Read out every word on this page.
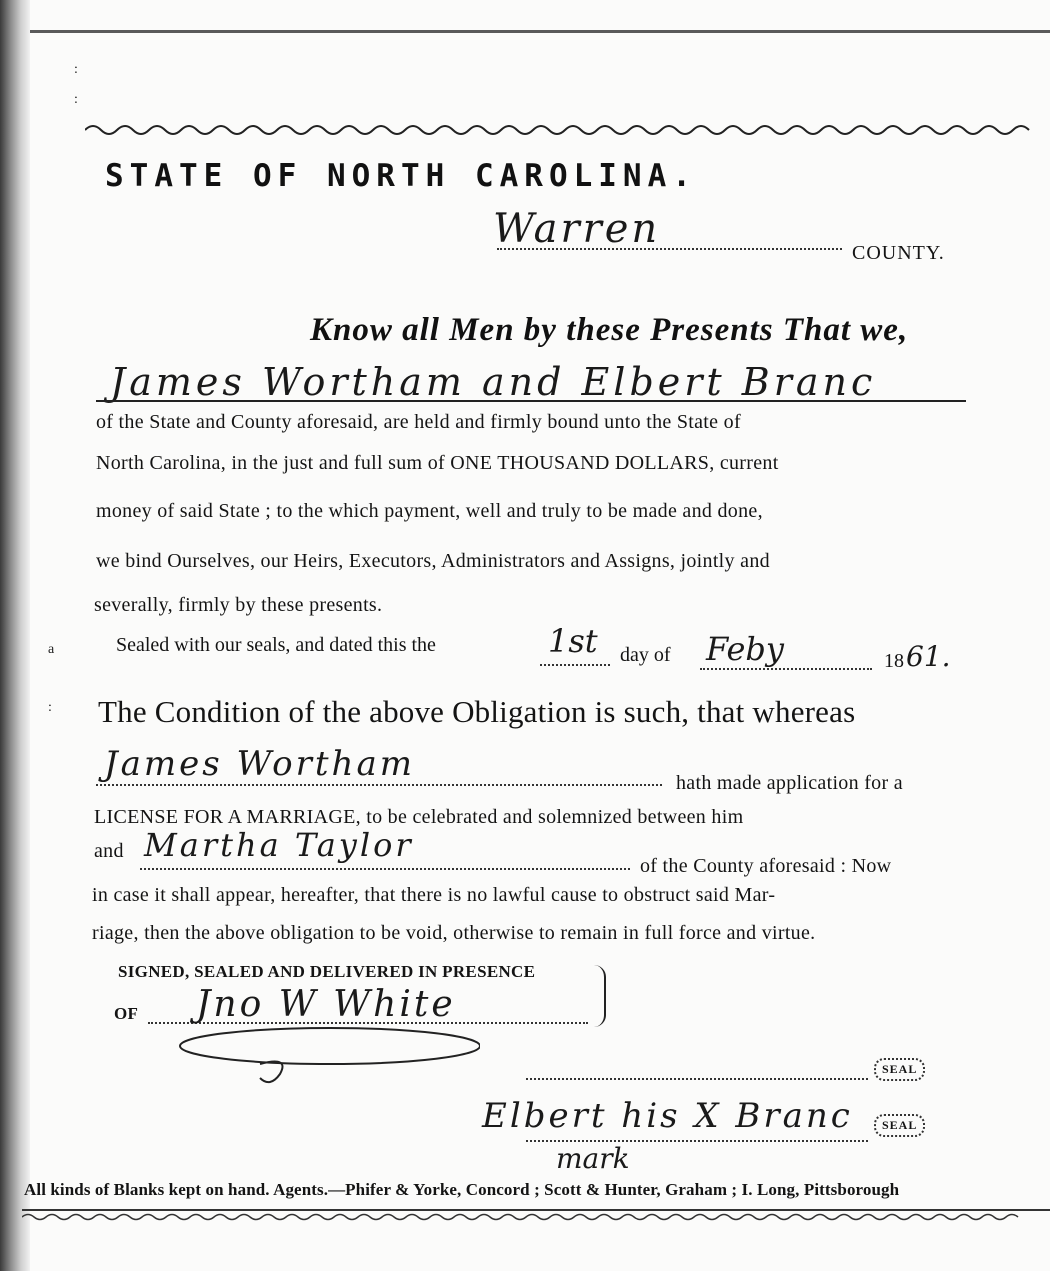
:
:
STATE OF NORTH CAROLINA.
Warren
COUNTY.
Know all Men by these Presents That we,
James Wortham and Elbert Branc
of the State and County aforesaid, are held and firmly bound unto the State of
North Carolina, in the just and full sum of ONE THOUSAND DOLLARS, current
money of said State ; to the which payment, well and truly to be made and done,
we bind Ourselves, our Heirs, Executors, Administrators and Assigns, jointly and
severally, firmly by these presents.
a	Sealed with our seals, and dated this the	1st day of Feby	18 61.
: The Condition of the above Obligation is such, that whereas
James Wortham	hath made application for a
LICENSE FOR A MARRIAGE, to be celebrated and solemnized between him
and Martha Taylor
of the County aforesaid : Now
in case it shall appear, hereafter, that there is no lawful cause to obstruct said Mar-
riage, then the above obligation to be void, otherwise to remain in full force and virtue.
SIGNED, SEALED AND DELIVERED IN PRESENCE
OF Jno W White
SEAL
Elbert his X Branc	SEAL
mark
All kinds of Blanks kept on hand. Agents.—Phifer & Yorke, Concord ; Scott & Hunter, Graham ; I. Long, Pittsborough
